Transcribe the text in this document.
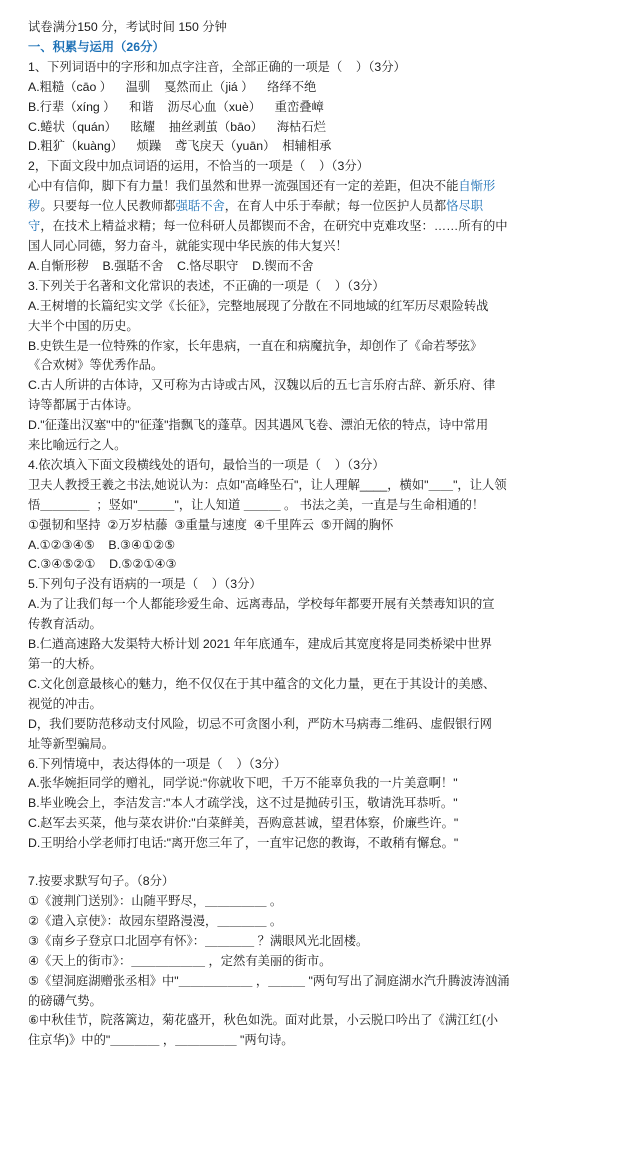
试卷满分150 分，考试时间 150 分钟
一、积累与运用（26分）
1、下列词语中的字形和加点字注音，全部正确的一项是（    ）（3分）
A.粗糙（cāo ）    温驯    戛然而止（jiá ）    络绎不绝
B.行辈（xíng ）    和谐    沥尽心血（xuè）    重峦叠嶂
C.蜷状（quán）    眩耀    抽丝剥茧（bāo）    海枯石烂
D.粗犷（kuàng）    烦躁    鸢飞戾天（yuān）  相辅相承
2，下面文段中加点词语的运用，不恰当的一项是（    ）（3分）
心中有信仰，脚下有力量！我们虽然和世界一流强国还有一定的差距，但决不能自惭形
秽。只要每一位人民教师都强聒不舍，在育人中乐于奉献；每一位医护人员都恪尽职
守，在技术上精益求精；每一位科研人员都锲而不舍，在研究中克难攻坚：……所有的中
国人同心同德，努力奋斗，就能实现中华民族的伟大复兴！
A.自惭形秽    B.强聒不舍    C.恪尽职守    D.锲而不舍
3.下列关于名著和文化常识的表述，不正确的一项是（    ）（3分）
A.王树增的长篇纪实文学《长征》，完整地展现了分散在不同地域的红军历尽艰险转战
大半个中国的历史。
B.史铁生是一位特殊的作家，长年患病，一直在和病魔抗争，却创作了《命若琴弦》
《合欢树》等优秀作品。
C.古人所讲的古体诗，又可称为古诗或古风，汉魏以后的五七言乐府古辞、新乐府、律
诗等都属于古体诗。
D."征蓬出汉塞"中的"征蓬"指飘飞的蓬草。因其遇风飞卷、漂泊无依的特点，诗中常用
来比喻远行之人。
4.依次填入下面文段横线处的语句，最恰当的一项是（    ）（3分）
卫夫人教授王羲之书法,她说认为：点如"高峰坠石"，让人理解____，横如"＿＿"，让人领
悟＿＿＿＿  ；竖如"＿＿＿"，让人知道 ＿＿＿ 。 书法之美，一直是与生命相通的！
①强韧和坚持  ②万岁枯藤  ③重量与速度  ④千里阵云  ⑤开阔的胸怀
A.①②③④⑤    B.③④①②⑤
C.③④⑤②①    D.⑤②①④③
5.下列句子没有语病的一项是（    ）（3分）
A.为了让我们每一个人都能珍爱生命、远离毒品，学校每年都要开展有关禁毒知识的宣
传教育活动。
B.仁遒高速路大发渠特大桥计划 2021 年年底通车，建成后其宽度将是同类桥梁中世界
第一的大桥。
C.文化创意最核心的魅力，绝不仅仅在于其中蕴含的文化力量，更在于其设计的美感、
视觉的冲击。
D，我们要防范移动支付风险，切忌不可贪图小利，严防木马病毒二维码、虚假银行网
址等新型骗局。
6.下列情境中，表达得体的一项是（    ）（3分）
A.张华婉拒同学的赠礼，同学说:"你就收下吧，千万不能辜负我的一片美意啊！"
B.毕业晚会上，李洁发言:"本人才疏学浅，这不过是抛砖引玉，敬请洗耳恭听。"
C.赵军去买菜，他与菜农讲价:"白菜鲜美，吾购意甚诚，望君体察，价廉些许。"
D.王明给小学老师打电话:"离开您三年了，一直牢记您的教诲，不敢稍有懈怠。"
7.按要求默写句子。（8分）
①《渡荆门送别》：山随平野尽，＿＿＿＿＿ 。
②《遣入京使》：故园东望路漫漫，＿＿＿＿ 。
③《南乡子登京口北固亭有怀》：＿＿＿＿ ？满眼风光北固楼。
④《天上的街市》：＿＿＿＿＿＿ ，定然有美丽的街市。
⑤《望洞庭湖赠张丞相》中"＿＿＿＿＿＿ ，＿＿＿ "两句写出了洞庭湖水汽升腾波涛汹涌
的磅礴气势。
⑥中秋佳节，院落篱边，菊花盛开，秋色如洗。面对此景，小云脱口吟出了《满江红(小
住京华)》中的"＿＿＿＿ ，＿＿＿＿＿ "两句诗。
